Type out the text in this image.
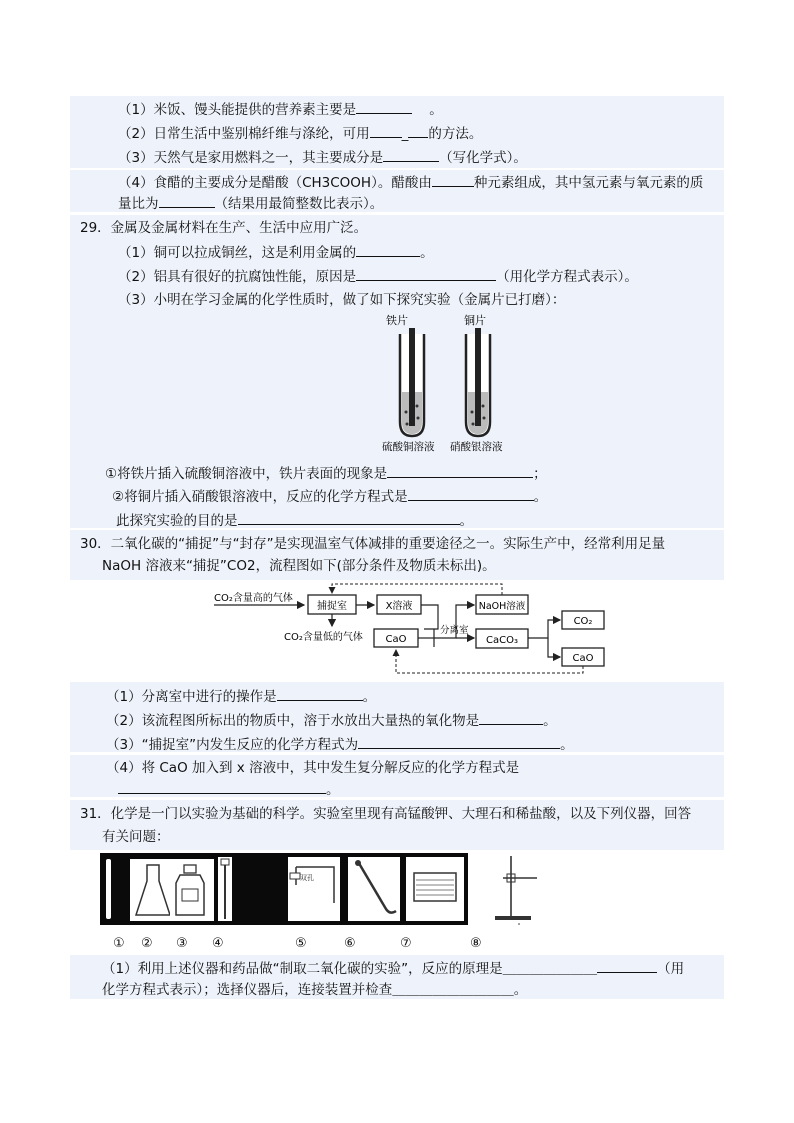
（1）米饭、馒头能提供的营养素主要是	。
（2）日常生活中鉴别棉纤维与涤纶，可用 _ 的方法。
（3）天然气是家用燃料之一，其主要成分是	（写化学式）。
（4）食醋的主要成分是醋酸（CH3COOH）。醋酸由	种元素组成，其中氢元素与氧元素的质
量比为	（结果用最简整数比表示）。
29．金属及金属材料在生产、生活中应用广泛。
（1）铜可以拉成铜丝，这是利用金属的	。
（2）铝具有很好的抗腐蚀性能，原因是	（用化学方程式表示）。
（3）小明在学习金属的化学性质时，做了如下探究实验（金属片已打磨）：
铁片	铜片
硫酸铜溶液 硝酸银溶液
①将铁片插入硫酸铜溶液中，铁片表面的现象是	；
②将铜片插入硝酸银溶液中，反应的化学方程式是	。
此探究实验的目的是	。
30．二氧化碳的“捕捉”与“封存”是实现温室气体减排的重要途径之一。实际生产中，经常利用足量
NaOH 溶液来“捕捉”CO2，流程图如下(部分条件及物质未标出)。
CO₂含量高的气体
捕捉室	X溶液
CO₂含量低的气体 CaO
分离室
NaOH溶液
CaCO₃
CO₂
CaO
（1）分离室中进行的操作是	。
（2）该流程图所标出的物质中，溶于水放出大量热的氧化物是	。
（3）“捕捉室”内发生反应的化学方程式为	。
（4）将 CaO 加入到 x 溶液中，其中发生复分解反应的化学方程式是
。
31．化学是一门以实验为基础的科学。实验室里现有高锰酸钾、大理石和稀盐酸，以及下列仪器，回答
有关问题：
双孔
① ② ③ ④	⑤	⑥	⑦	⑧
（1）利用上述仪器和药品做“制取二氧化碳的实验”，反应的原理是＿＿＿＿＿＿＿	（用
化学方程式表示）；选择仪器后，连接装置并检查＿＿＿＿＿＿＿＿＿。
